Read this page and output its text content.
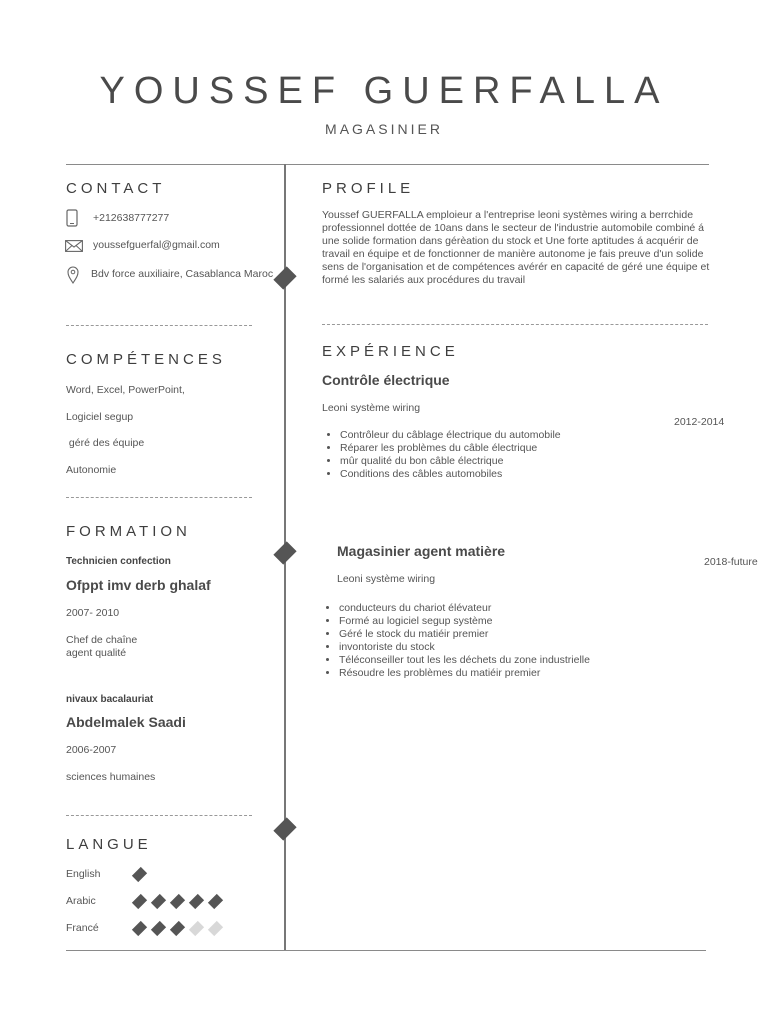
YOUSSEF GUERFALLA
MAGASINIER
CONTACT
+212638777277
youssefguerfal@gmail.com
Bdv force auxiliaire, Casablanca Maroc
COMPÉTENCES
Word, Excel, PowerPoint,
Logiciel segup
géré des équipe
Autonomie
FORMATION
Technicien confection
Ofppt imv derb ghalaf
2007- 2010
Chef de chaîne
agent qualité
nivaux bacalauriat
Abdelmalek Saadi
2006-2007
sciences humaines
LANGUE
English
Arabic
Francé
PROFILE
Youssef GUERFALLA emploieur a l'entreprise leoni systèmes wiring a berrchide
professionnel dottée de 10ans dans le secteur de l'industrie automobile combiné á
une solide formation dans gérèation du stock et Une forte aptitudes á acquérir de
travail en équipe et de fonctionner de manière autonome je fais preuve d'un solide
sens de l'organisation et de compétences avérér en capacité de géré une équipe et
formé les salariés aux procédures du travail
EXPÉRIENCE
Contrôle électrique
Leoni système wiring
2012-2014
• Contrôleur du câblage électrique du automobile
• Réparer les problèmes du câble électrique
• mûr qualité du bon câble électrique
• Conditions des câbles automobiles
Magasinier agent matière
Leoni système wiring
2018-future
• conducteurs du chariot élévateur
• Formé au logiciel segup système
• Géré le stock du matiéir premier
• invontoriste du stock
• Téléconseiller tout les les déchets du zone industrielle
• Résoudre les problèmes du matiéir premier
